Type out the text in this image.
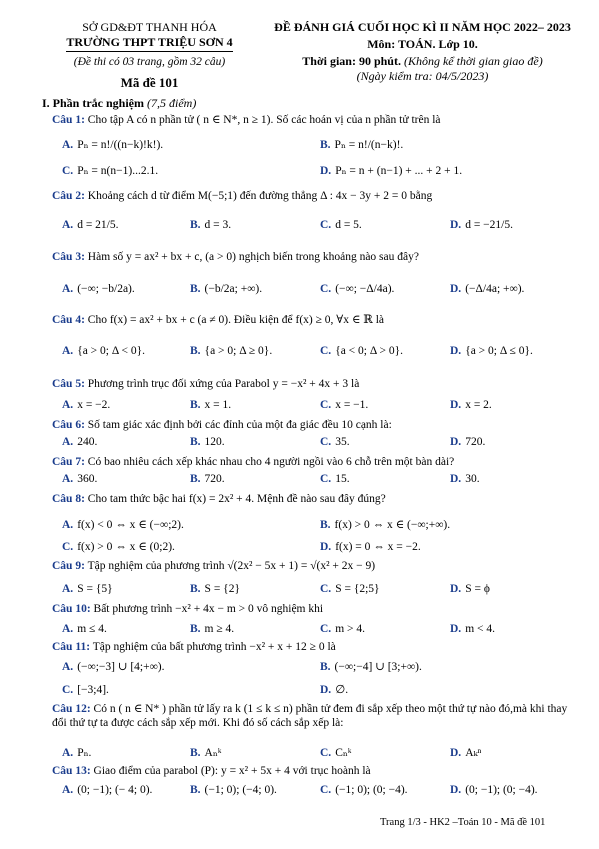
SỞ GD&ĐT THANH HÓA
TRƯỜNG THPT TRIỆU SƠN 4
(Đề thi có 03 trang, gồm 32 câu)
Mã đề 101
ĐỀ ĐÁNH GIÁ CUỐI HỌC KÌ II NĂM HỌC 2022– 2023
Môn: TOÁN. Lớp 10.
Thời gian: 90 phút. (Không kể thời gian giao đề)
(Ngày kiểm tra: 04/5/2023)
I. Phần trắc nghiệm (7,5 điểm)
Câu 1: Cho tập A có n phần tử ( n ∈ N*, n ≥ 1). Số các hoán vị của n phần tử trên là
A. Pₙ = n!/((n−k)!k!).	B. Pₙ = n!/(n−k)!.
C. Pₙ = n(n−1)...2.1.	D. Pₙ = n + (n−1) + ... + 2 + 1.
Câu 2: Khoảng cách d từ điểm M(−5;1) đến đường thẳng Δ : 4x − 3y + 2 = 0 bằng
A. d = 21/5.	B. d = 3.	C. d = 5.	D. d = −21/5.
Câu 3: Hàm số y = ax² + bx + c, (a > 0) nghịch biến trong khoảng nào sau đây?
A. (−∞; −b/2a).	B. (−b/2a; +∞).	C. (−∞; −Δ/4a).	D. (−Δ/4a; +∞).
Câu 4: Cho f(x) = ax² + bx + c (a ≠ 0). Điều kiện để f(x) ≥ 0, ∀x ∈ ℝ là
A. {a > 0; Δ < 0}.	B. {a > 0; Δ ≥ 0}.	C. {a < 0; Δ > 0}.	D. {a > 0; Δ ≤ 0}.
Câu 5: Phương trình trục đối xứng của Parabol y = −x² + 4x + 3 là
A. x = −2.	B. x = 1.	C. x = −1.	D. x = 2.
Câu 6: Số tam giác xác định bởi các đỉnh của một đa giác đều 10 cạnh là:
A. 240.	B. 120.	C. 35.	D. 720.
Câu 7: Có bao nhiêu cách xếp khác nhau cho 4 người ngồi vào 6 chỗ trên một bàn dài?
A. 360.	B. 720.	C. 15.	D. 30.
Câu 8: Cho tam thức bậc hai f(x) = 2x² + 4. Mệnh đề nào sau đây đúng?
A. f(x) < 0 ⇔ x ∈ (−∞;2).	B. f(x) > 0 ⇔ x ∈ (−∞;+∞).
C. f(x) > 0 ⇔ x ∈ (0;2).	D. f(x) = 0 ⇔ x = −2.
Câu 9: Tập nghiệm của phương trình √(2x² − 5x + 1) = √(x² + 2x − 9)
A. S = {5}	B. S = {2}	C. S = {2;5}	D. S = ϕ
Câu 10: Bất phương trình −x² + 4x − m > 0 vô nghiệm khi
A. m ≤ 4.	B. m ≥ 4.	C. m > 4.	D. m < 4.
Câu 11: Tập nghiệm của bất phương trình −x² + x + 12 ≥ 0 là
A. (−∞;−3] ∪ [4;+∞).	B. (−∞;−4] ∪ [3;+∞).
C. [−3;4].	D. ∅.
Câu 12: Có n ( n ∈ N* ) phần tử lấy ra k (1 ≤ k ≤ n) phần tử đem đi sắp xếp theo một thứ tự nào đó,mà khi thay đổi thứ tự ta được cách sắp xếp mới. Khi đó số cách sắp xếp là:
A. Pₙ.	B. Aₙᵏ	C. Cₙᵏ	D. Aₖⁿ
Câu 13: Giao điểm của parabol (P): y = x² + 5x + 4 với trục hoành là
A. (0; −1); (− 4; 0).	B. (−1; 0); (−4; 0).	C. (−1; 0); (0; −4).	D. (0; −1); (0; −4).
Trang 1/3 - HK2 –Toán 10 - Mã đề 101
